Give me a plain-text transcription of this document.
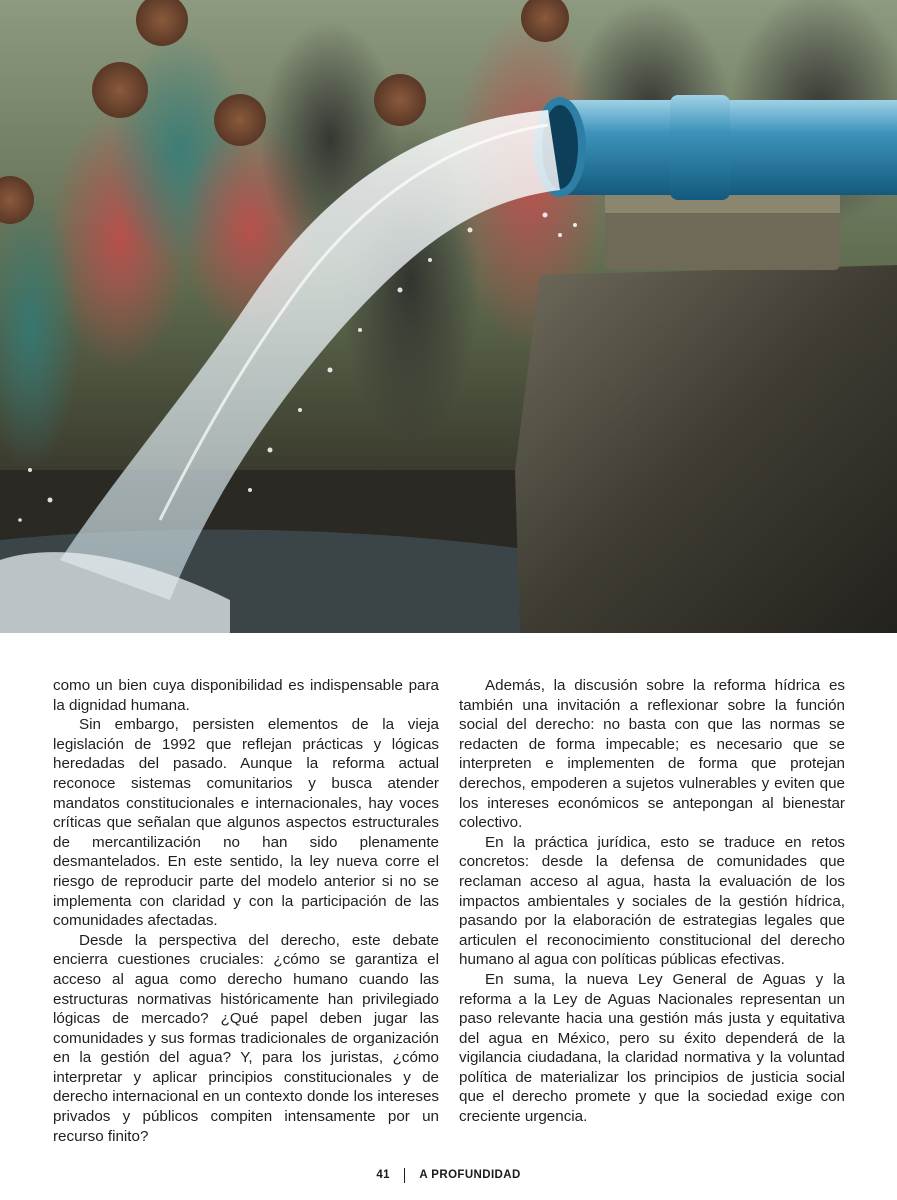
como un bien cuya disponibilidad es indispensable para la dignidad humana.

Sin embargo, persisten elementos de la vieja legislación de 1992 que reflejan prácticas y lógicas heredadas del pasado. Aunque la reforma actual reconoce sistemas comunitarios y busca atender mandatos constitucionales e internacionales, hay voces críticas que señalan que algunos aspectos estructurales de mercantilización no han sido plenamente desmantelados. En este sentido, la ley nueva corre el riesgo de reproducir parte del modelo anterior si no se implementa con claridad y con la participación de las comunidades afectadas.

Desde la perspectiva del derecho, este debate encierra cuestiones cruciales: ¿cómo se garantiza el acceso al agua como derecho humano cuando las estructuras normativas históricamente han privilegiado lógicas de mercado? ¿Qué papel deben jugar las comunidades y sus formas tradicionales de organización en la gestión del agua? Y, para los juristas, ¿cómo interpretar y aplicar principios constitucionales y de derecho internacional en un contexto donde los intereses privados y públicos compiten intensamente por un recurso finito?

Además, la discusión sobre la reforma hídrica es también una invitación a reflexionar sobre la función social del derecho: no basta con que las normas se redacten de forma impecable; es necesario que se interpreten e implementen de forma que protejan derechos, empoderen a sujetos vulnerables y eviten que los intereses económicos se antepongan al bienestar colectivo.

En la práctica jurídica, esto se traduce en retos concretos: desde la defensa de comunidades que reclaman acceso al agua, hasta la evaluación de los impactos ambientales y sociales de la gestión hídrica, pasando por la elaboración de estrategias legales que articulen el reconocimiento constitucional del derecho humano al agua con políticas públicas efectivas.

En suma, la nueva Ley General de Aguas y la reforma a la Ley de Aguas Nacionales representan un paso relevante hacia una gestión más justa y equitativa del agua en México, pero su éxito dependerá de la vigilancia ciudadana, la claridad normativa y la voluntad política de materializar los principios de justicia social que el derecho promete y que la sociedad exige con creciente urgencia.

41	A PROFUNDIDAD
